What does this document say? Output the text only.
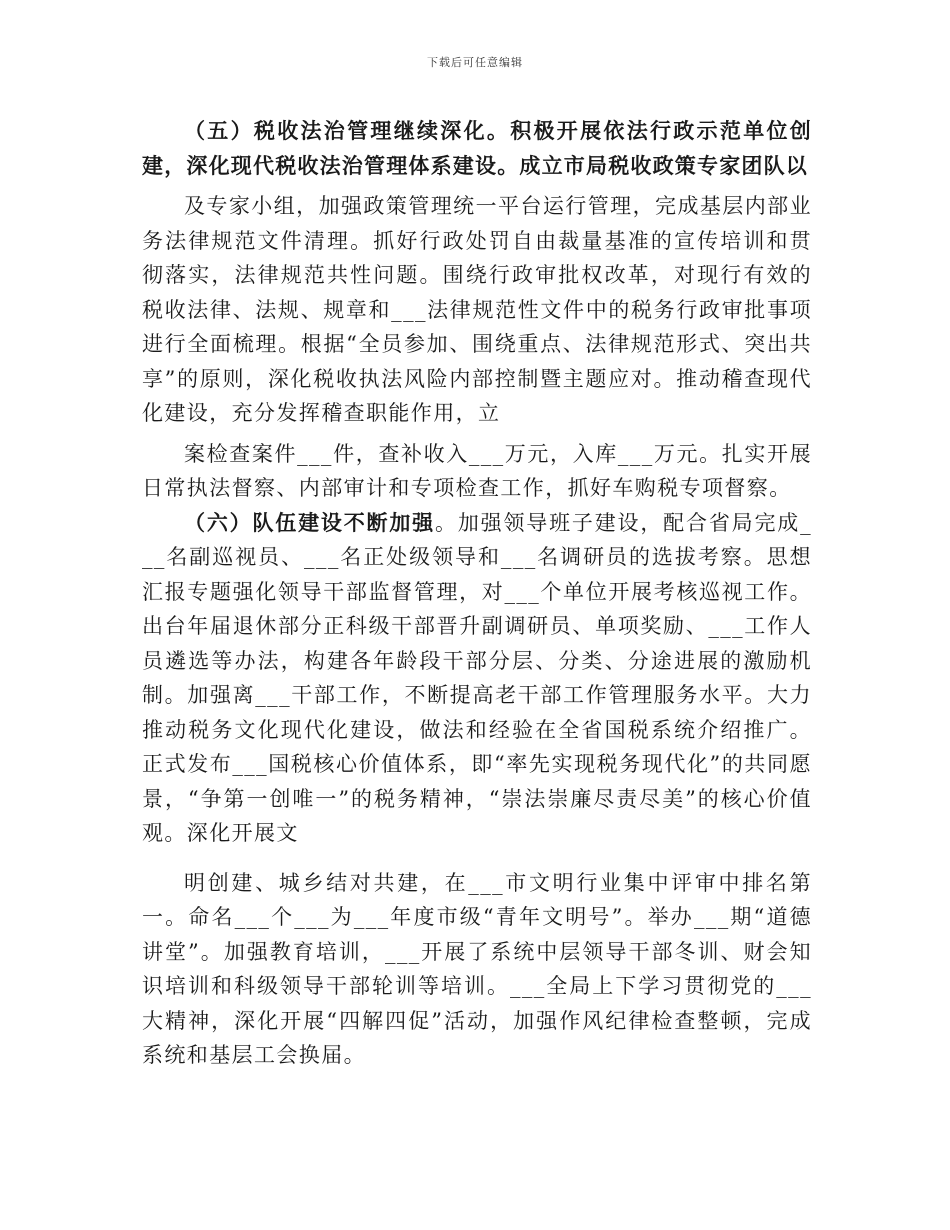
下载后可任意编辑

（五）税收法治管理继续深化。积极开展依法行政示范单位创建，深化现代税收法治管理体系建设。成立市局税收政策专家团队以

及专家小组，加强政策管理统一平台运行管理，完成基层内部业务法律规范文件清理。抓好行政处罚自由裁量基准的宣传培训和贯彻落实，法律规范共性问题。围绕行政审批权改革，对现行有效的税收法律、法规、规章和___法律规范性文件中的税务行政审批事项进行全面梳理。根据“全员参加、围绕重点、法律规范形式、突出共享”的原则，深化税收执法风险内部控制暨主题应对。推动稽查现代化建设，充分发挥稽查职能作用，立

案检查案件___件，查补收入___万元，入库___万元。扎实开展日常执法督察、内部审计和专项检查工作，抓好车购税专项督察。

（六）队伍建设不断加强。加强领导班子建设，配合省局完成___名副巡视员、___名正处级领导和___名调研员的选拔考察。思想汇报专题强化领导干部监督管理，对___个单位开展考核巡视工作。出台年届退休部分正科级干部晋升副调研员、单项奖励、___工作人员遴选等办法，构建各年龄段干部分层、分类、分途进展的激励机制。加强离___干部工作，不断提高老干部工作管理服务水平。大力推动税务文化现代化建设，做法和经验在全省国税系统介绍推广。正式发布___国税核心价值体系，即“率先实现税务现代化”的共同愿景，“争第一创唯一”的税务精神，“崇法崇廉尽责尽美”的核心价值观。深化开展文

明创建、城乡结对共建，在___市文明行业集中评审中排名第一。命名___个___为___年度市级“青年文明号”。举办___期“道德讲堂”。加强教育培训，___开展了系统中层领导干部冬训、财会知识培训和科级领导干部轮训等培训。___全局上下学习贯彻党的___大精神，深化开展“四解四促”活动，加强作风纪律检查整顿，完成系统和基层工会换届。
